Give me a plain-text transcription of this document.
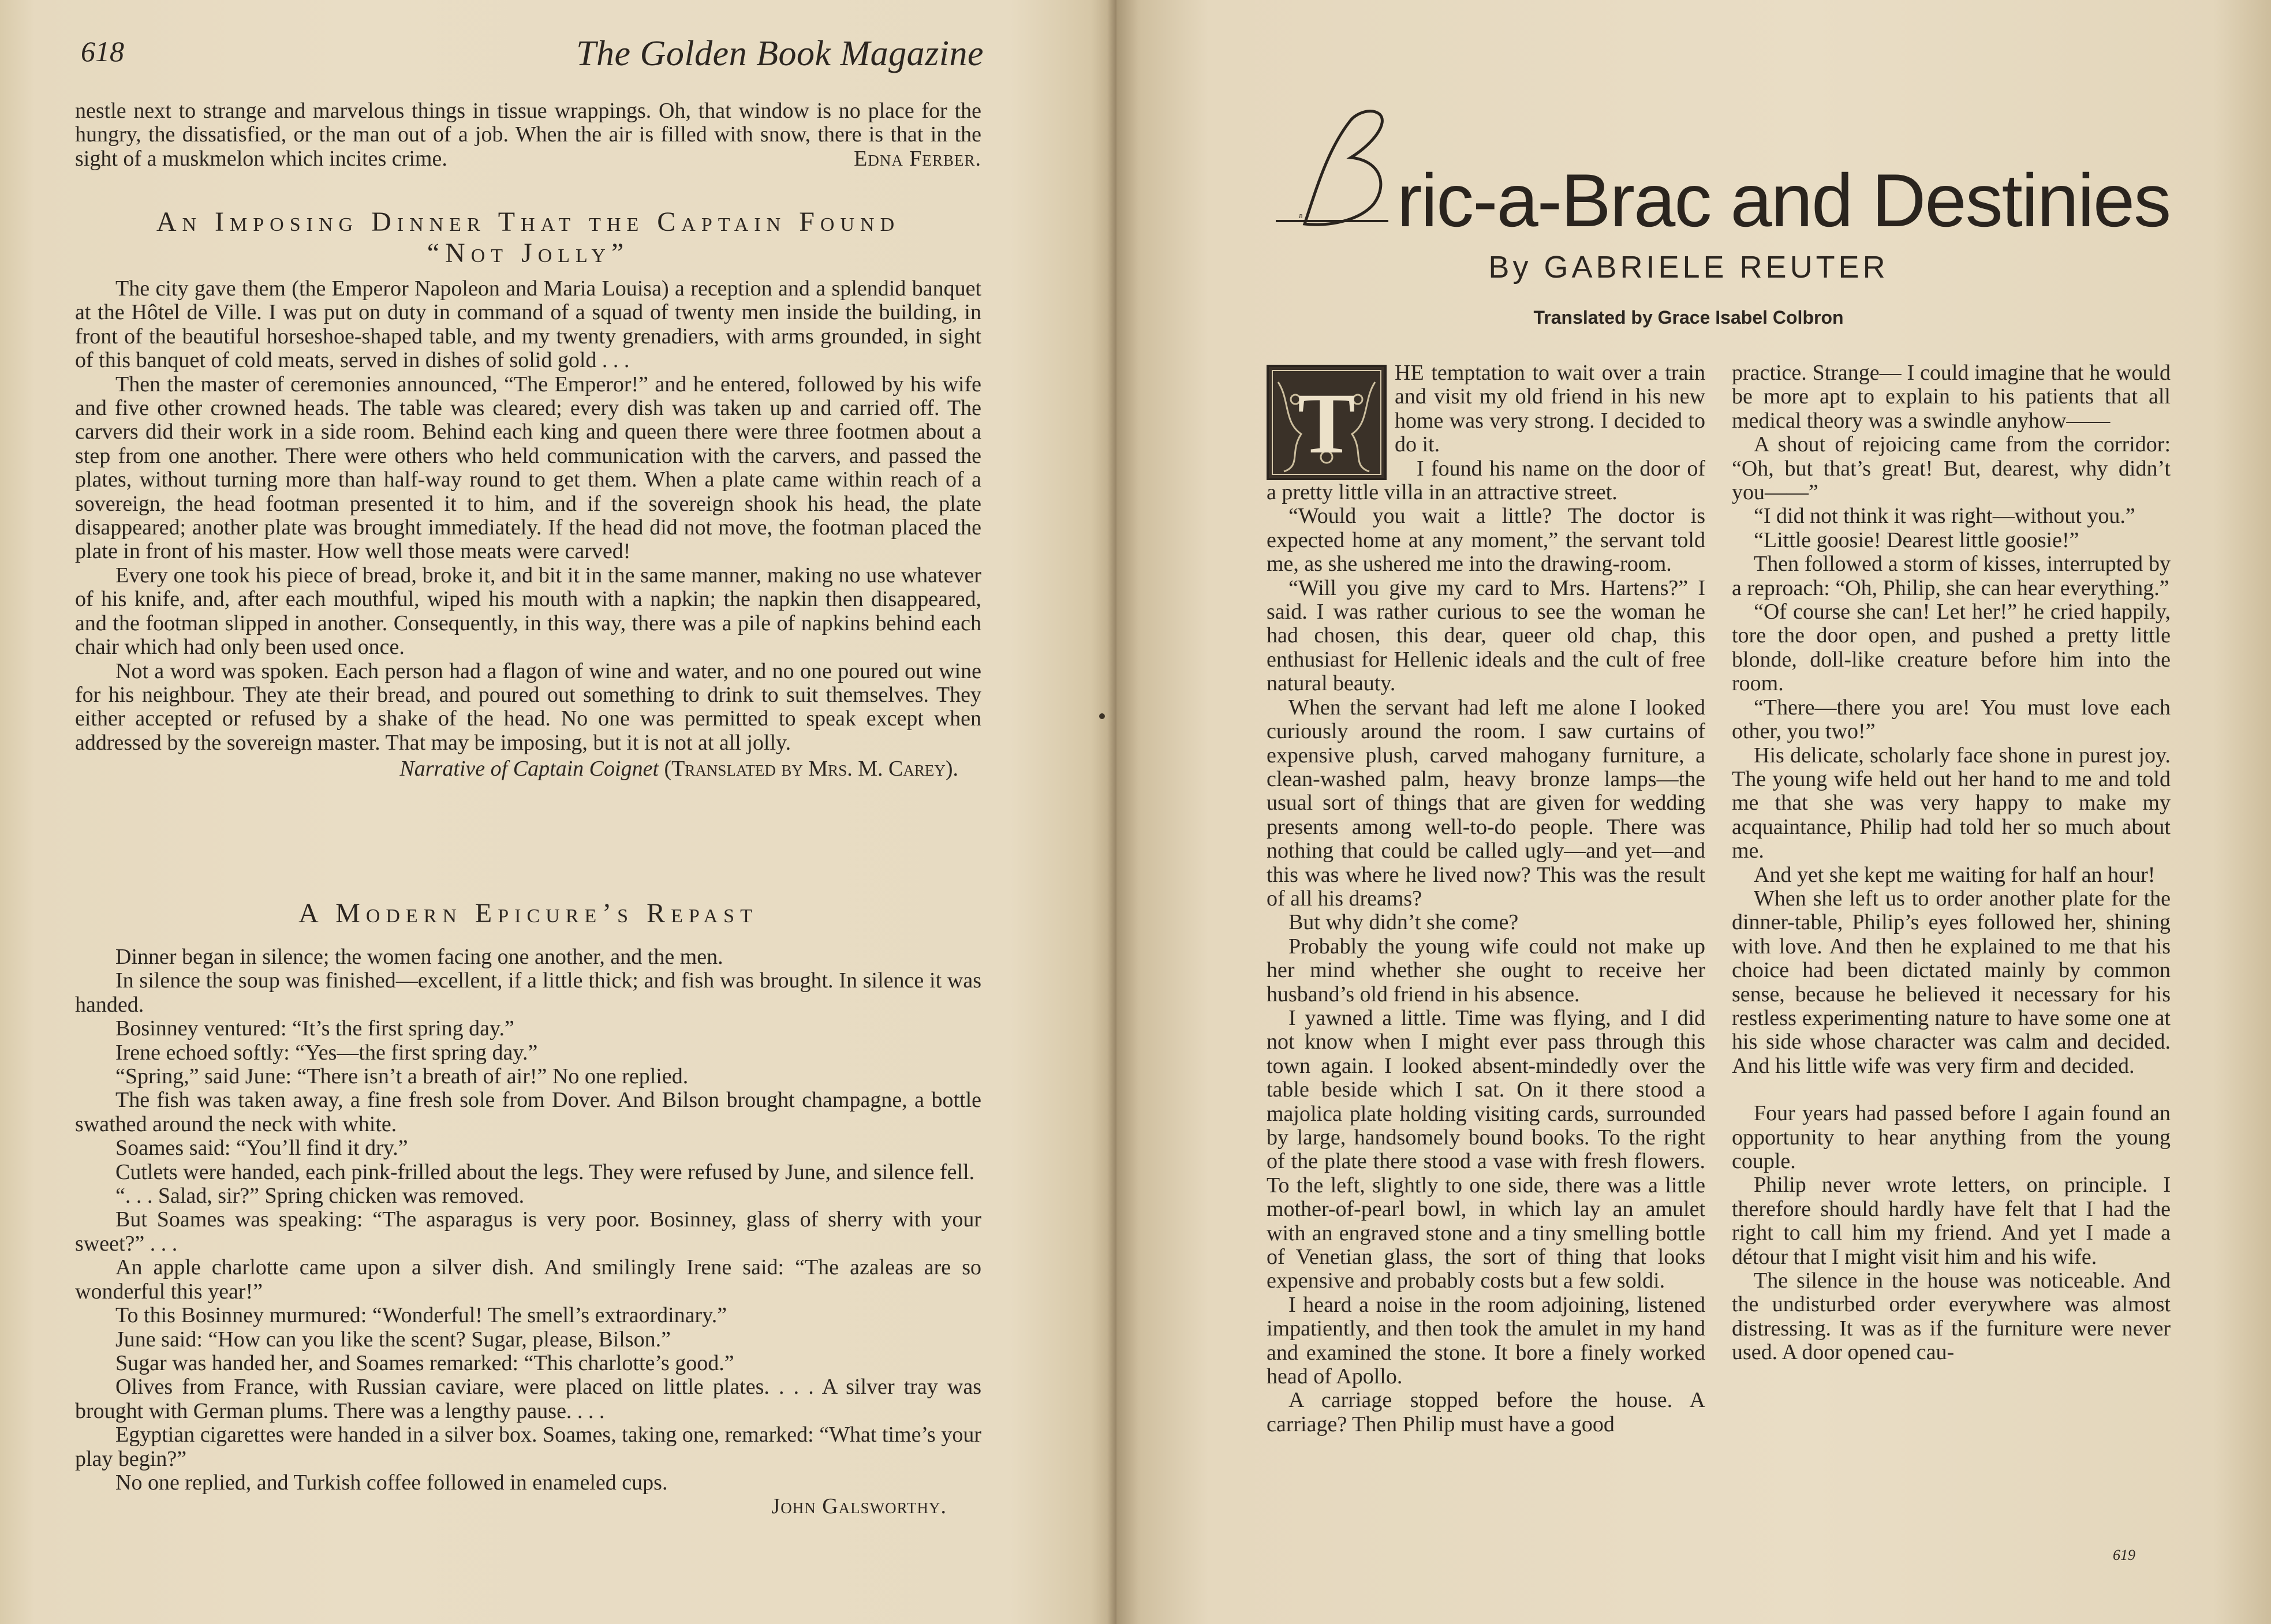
618	The Golden Book Magazine

nestle next to strange and marvelous things in tissue wrappings. Oh, that window is no place for the hungry, the dissatisfied, or the man out of a job. When the air is filled with snow, there is that in the sight of a muskmelon which incites crime.	Edna Ferber.

An Imposing Dinner That the Captain Found
“Not Jolly”

The city gave them (the Emperor Napoleon and Maria Louisa) a reception and a splendid banquet at the Hôtel de Ville. I was put on duty in command of a squad of twenty men inside the building, in front of the beautiful horseshoe-shaped table, and my twenty grenadiers, with arms grounded, in sight of this banquet of cold meats, served in dishes of solid gold . . .

Then the master of ceremonies announced, “The Emperor!” and he entered, followed by his wife and five other crowned heads. The table was cleared; every dish was taken up and carried off. The carvers did their work in a side room. Behind each king and queen there were three footmen about a step from one another. There were others who held communication with the carvers, and passed the plates, without turning more than half-way round to get them. When a plate came within reach of a sovereign, the head footman presented it to him, and if the sovereign shook his head, the plate disappeared; another plate was brought immediately. If the head did not move, the footman placed the plate in front of his master. How well those meats were carved!

Every one took his piece of bread, broke it, and bit it in the same manner, making no use whatever of his knife, and, after each mouthful, wiped his mouth with a napkin; the napkin then disappeared, and the footman slipped in another. Consequently, in this way, there was a pile of napkins behind each chair which had only been used once.

Not a word was spoken. Each person had a flagon of wine and water, and no one poured out wine for his neighbour. They ate their bread, and poured out something to drink to suit themselves. They either accepted or refused by a shake of the head. No one was permitted to speak except when addressed by the sovereign master. That may be imposing, but it is not at all jolly.

Narrative of Captain Coignet (Translated by Mrs. M. Carey).
A Modern Epicure’s Repast

Dinner began in silence; the women facing one another, and the men.

In silence the soup was finished—excellent, if a little thick; and fish was brought. In silence it was handed.

Bosinney ventured: “It’s the first spring day.”

Irene echoed softly: “Yes—the first spring day.”

“Spring,” said June: “There isn’t a breath of air!” No one replied.

The fish was taken away, a fine fresh sole from Dover. And Bilson brought champagne, a bottle swathed around the neck with white.

Soames said: “You’ll find it dry.”

Cutlets were handed, each pink-frilled about the legs. They were refused by June, and silence fell.

“. . . Salad, sir?” Spring chicken was removed.

But Soames was speaking: “The asparagus is very poor. Bosinney, glass of sherry with your sweet?” . . .

An apple charlotte came upon a silver dish. And smilingly Irene said: “The azaleas are so wonderful this year!”

To this Bosinney murmured: “Wonderful! The smell’s extraordinary.”

June said: “How can you like the scent? Sugar, please, Bilson.”

Sugar was handed her, and Soames remarked: “This charlotte’s good.”

Olives from France, with Russian caviare, were placed on little plates. . . . A silver tray was brought with German plums. There was a lengthy pause. . . .

Egyptian cigarettes were handed in a silver box. Soames, taking one, remarked: “What time’s your play begin?”

No one replied, and Turkish coffee followed in enameled cups.

John Galsworthy.
B ric-a-Brac and Destinies
By GABRIELE REUTER
Translated by Grace Isabel Colbron
T

HE temptation to wait over a train and visit my old friend in his new home was very strong. I decided to do it.

I found his name on the door of a pretty little villa in an attractive street.

“Would you wait a little? The doctor is expected home at any moment,” the servant told me, as she ushered me into the drawing-room.

“Will you give my card to Mrs. Hartens?” I said. I was rather curious to see the woman he had chosen, this dear, queer old chap, this enthusiast for Hellenic ideals and the cult of free natural beauty.

When the servant had left me alone I looked curiously around the room. I saw curtains of expensive plush, carved mahogany furniture, a clean-washed palm, heavy bronze lamps—the usual sort of things that are given for wedding presents among well-to-do people. There was nothing that could be called ugly—and yet—and this was where he lived now? This was the result of all his dreams?

But why didn’t she come?

Probably the young wife could not make up her mind whether she ought to receive her husband’s old friend in his absence.

I yawned a little. Time was flying, and I did not know when I might ever pass through this town again. I looked absent-mindedly over the table beside which I sat. On it there stood a majolica plate holding visiting cards, surrounded by large, handsomely bound books. To the right of the plate there stood a vase with fresh flowers. To the left, slightly to one side, there was a little mother-of-pearl bowl, in which lay an amulet with an engraved stone and a tiny smelling bottle of Venetian glass, the sort of thing that looks expensive and probably costs but a few soldi.

I heard a noise in the room adjoining, listened impatiently, and then took the amulet in my hand and examined the stone. It bore a finely worked head of Apollo.

A carriage stopped before the house. A carriage? Then Philip must have a good

practice. Strange— I could imagine that he would be more apt to explain to his patients that all medical theory was a swindle anyhow——

A shout of rejoicing came from the corridor: “Oh, but that’s great! But, dearest, why didn’t you——”

“I did not think it was right—without you.”

“Little goosie! Dearest little goosie!”

Then followed a storm of kisses, interrupted by a reproach: “Oh, Philip, she can hear everything.”

“Of course she can! Let her!” he cried happily, tore the door open, and pushed a pretty little blonde, doll-like creature before him into the room.

“There—there you are! You must love each other, you two!”

His delicate, scholarly face shone in purest joy. The young wife held out her hand to me and told me that she was very happy to make my acquaintance, Philip had told her so much about me.

And yet she kept me waiting for half an hour!

When she left us to order another plate for the dinner-table, Philip’s eyes followed her, shining with love. And then he explained to me that his choice had been dictated mainly by common sense, because he believed it necessary for his restless experimenting nature to have some one at his side whose character was calm and decided. And his little wife was very firm and decided.

Four years had passed before I again found an opportunity to hear anything from the young couple.

Philip never wrote letters, on principle. I therefore should hardly have felt that I had the right to call him my friend. And yet I made a détour that I might visit him and his wife.

The silence in the house was noticeable. And the undisturbed order everywhere was almost distressing. It was as if the furniture were never used. A door opened cau-

619
